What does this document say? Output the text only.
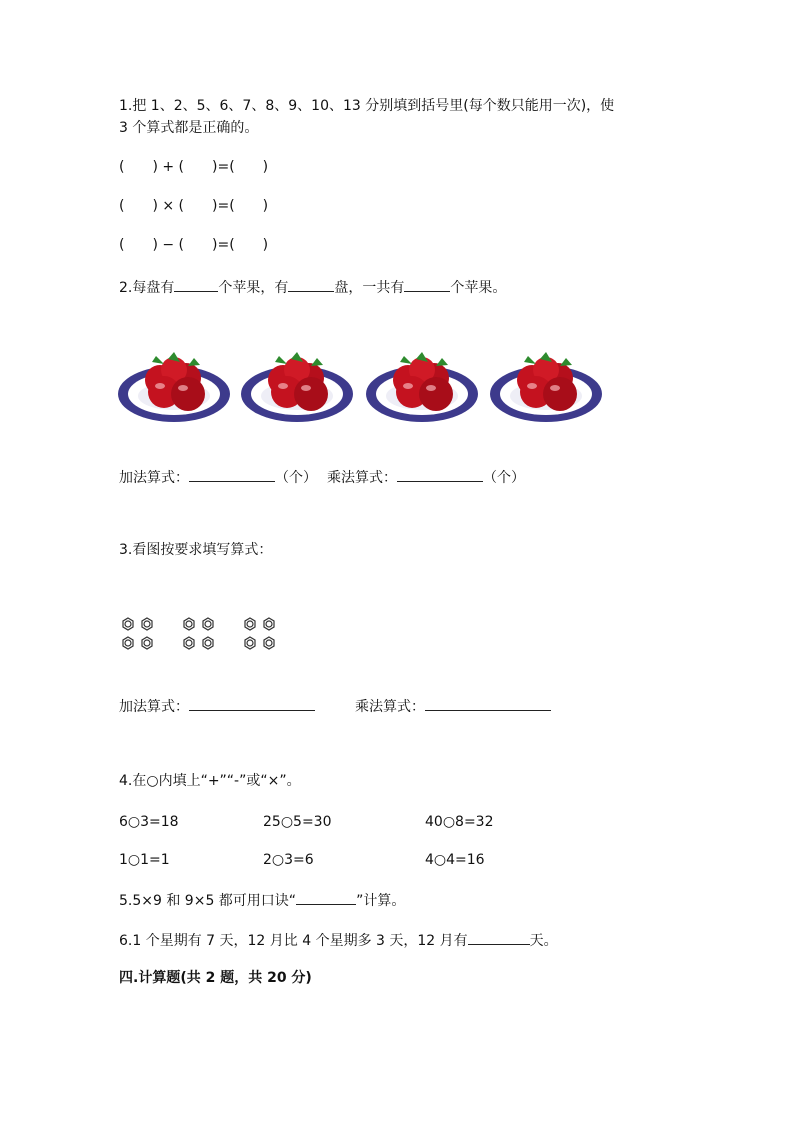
1.把 1、2、5、6、7、8、9、10、13 分别填到括号里(每个数只能用一次)，使
3 个算式都是正确的。
(　　) + (　　)=(　　)
(　　) × (　　)=(　　)
(　　) − (　　)=(　　)
2.每盘有	个苹果，有	盘，一共有	个苹果。
加法算式：	（个） 乘法算式：	（个）
3.看图按要求填写算式：
加法算式：	乘法算式：
4.在○内填上“+”“-”或“×”。
6○3=18	25○5=30	40○8=32
1○1=1	2○3=6	4○4=16
5.5×9 和 9×5 都可用口诀“	”计算。
6.1 个星期有 7 天，12 月比 4 个星期多 3 天，12 月有	天。
四.计算题(共 2 题，共 20 分)
